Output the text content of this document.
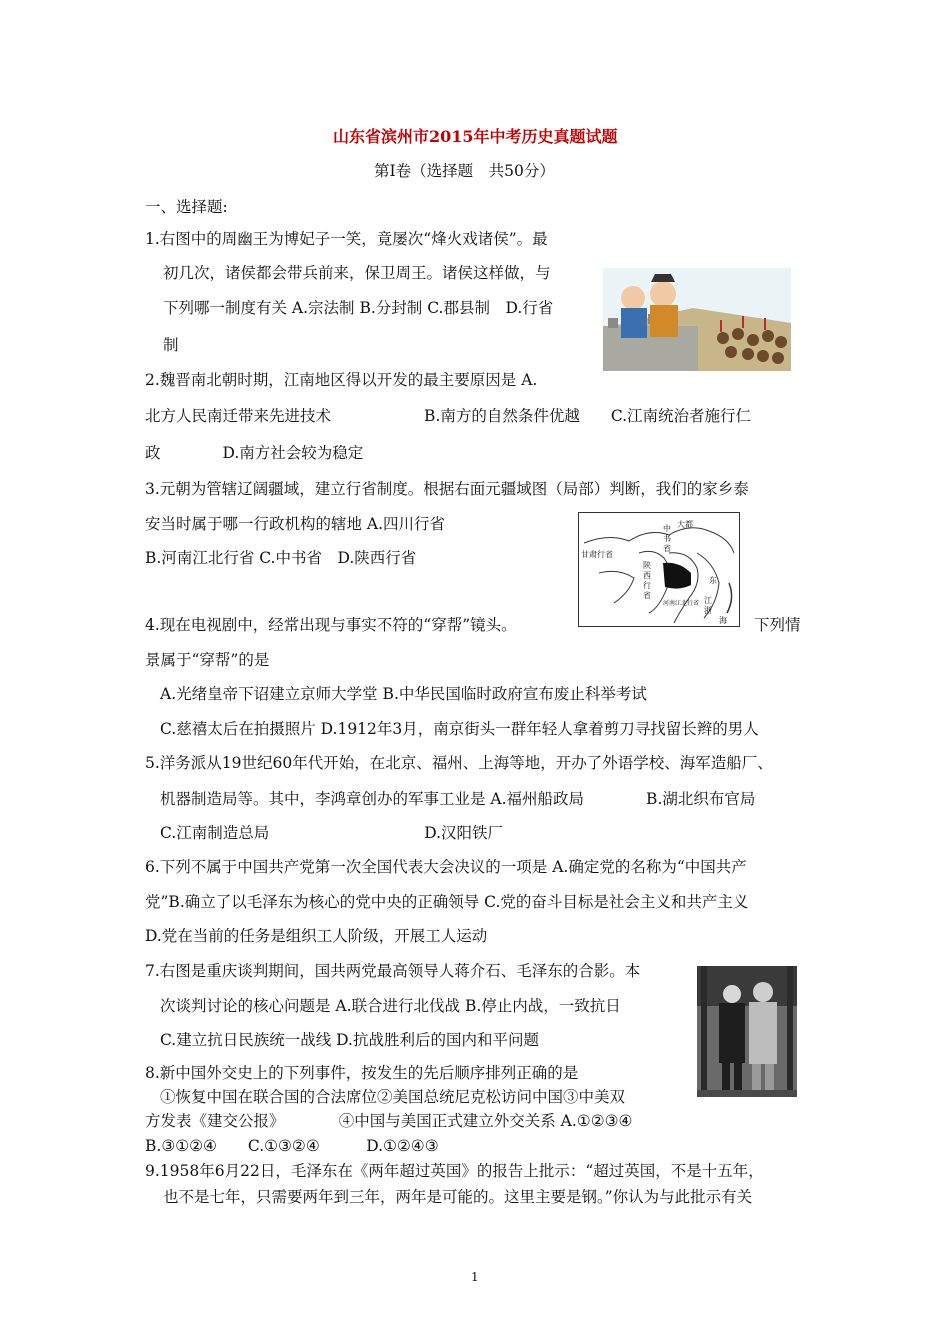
山东省滨州市2015年中考历史真题试题
第Ⅰ卷（选择题　共50分）
一、选择题:
1.右图中的周幽王为博妃子一笑，竟屡次“烽火戏诸侯”。最
初几次，诸侯都会带兵前来，保卫周王。诸侯这样做，与
下列哪一制度有关 A.宗法制 B.分封制 C.郡县制　D.行省
制
2.魏晋南北朝时期，江南地区得以开发的最主要原因是 A.
北方人民南迁带来先进技术　　　　　　B.南方的自然条件优越　　C.江南统治者施行仁
政　　　　D.南方社会较为稳定
3.元朝为管辖辽阔疆域，建立行省制度。根据右面元疆域图（局部）判断，我们的家乡泰
安当时属于哪一行政机构的辖地 A.四川行省
B.河南江北行省 C.中书省　D.陕西行省	甘肃行省
陕
西
行
省
中
书
省
大都
东
海
江
浙
河南江北行省
4.现在电视剧中，经常出现与事实不符的“穿帮”镜头。	下列情
景属于“穿帮”的是
A.光绪皇帝下诏建立京师大学堂 B.中华民国临时政府宣布废止科举考试
C.慈禧太后在拍摄照片 D.1912年3月，南京街头一群年轻人拿着剪刀寻找留长辫的男人
5.洋务派从19世纪60年代开始，在北京、福州、上海等地，开办了外语学校、海军造船厂、
机器制造局等。其中，李鸿章创办的军事工业是 A.福州船政局　　　　B.湖北织布官局
C.江南制造总局　　　　　　　　　　D.汉阳铁厂
6.下列不属于中国共产党第一次全国代表大会决议的一项是 A.确定党的名称为“中国共产
党”B.确立了以毛泽东为核心的党中央的正确领导 C.党的奋斗目标是社会主义和共产主义
D.党在当前的任务是组织工人阶级，开展工人运动
7.右图是重庆谈判期间，国共两党最高领导人蒋介石、毛泽东的合影。本
次谈判讨论的核心问题是 A.联合进行北伐战 B.停止内战，一致抗日
C.建立抗日民族统一战线 D.抗战胜利后的国内和平问题
8.新中国外交史上的下列事件，按发生的先后顺序排列正确的是
①恢复中国在联合国的合法席位②美国总统尼克松访问中国③中美双
方发表《建交公报》　　　　④中国与美国正式建立外交关系 A.①②③④
B.③①②④　　C.①③②④　　　D.①②④③
9.1958年6月22日，毛泽东在《两年超过英国》的报告上批示：“超过英国，不是十五年，
也不是七年，只需要两年到三年，两年是可能的。这里主要是钢。”你认为与此批示有关
1
